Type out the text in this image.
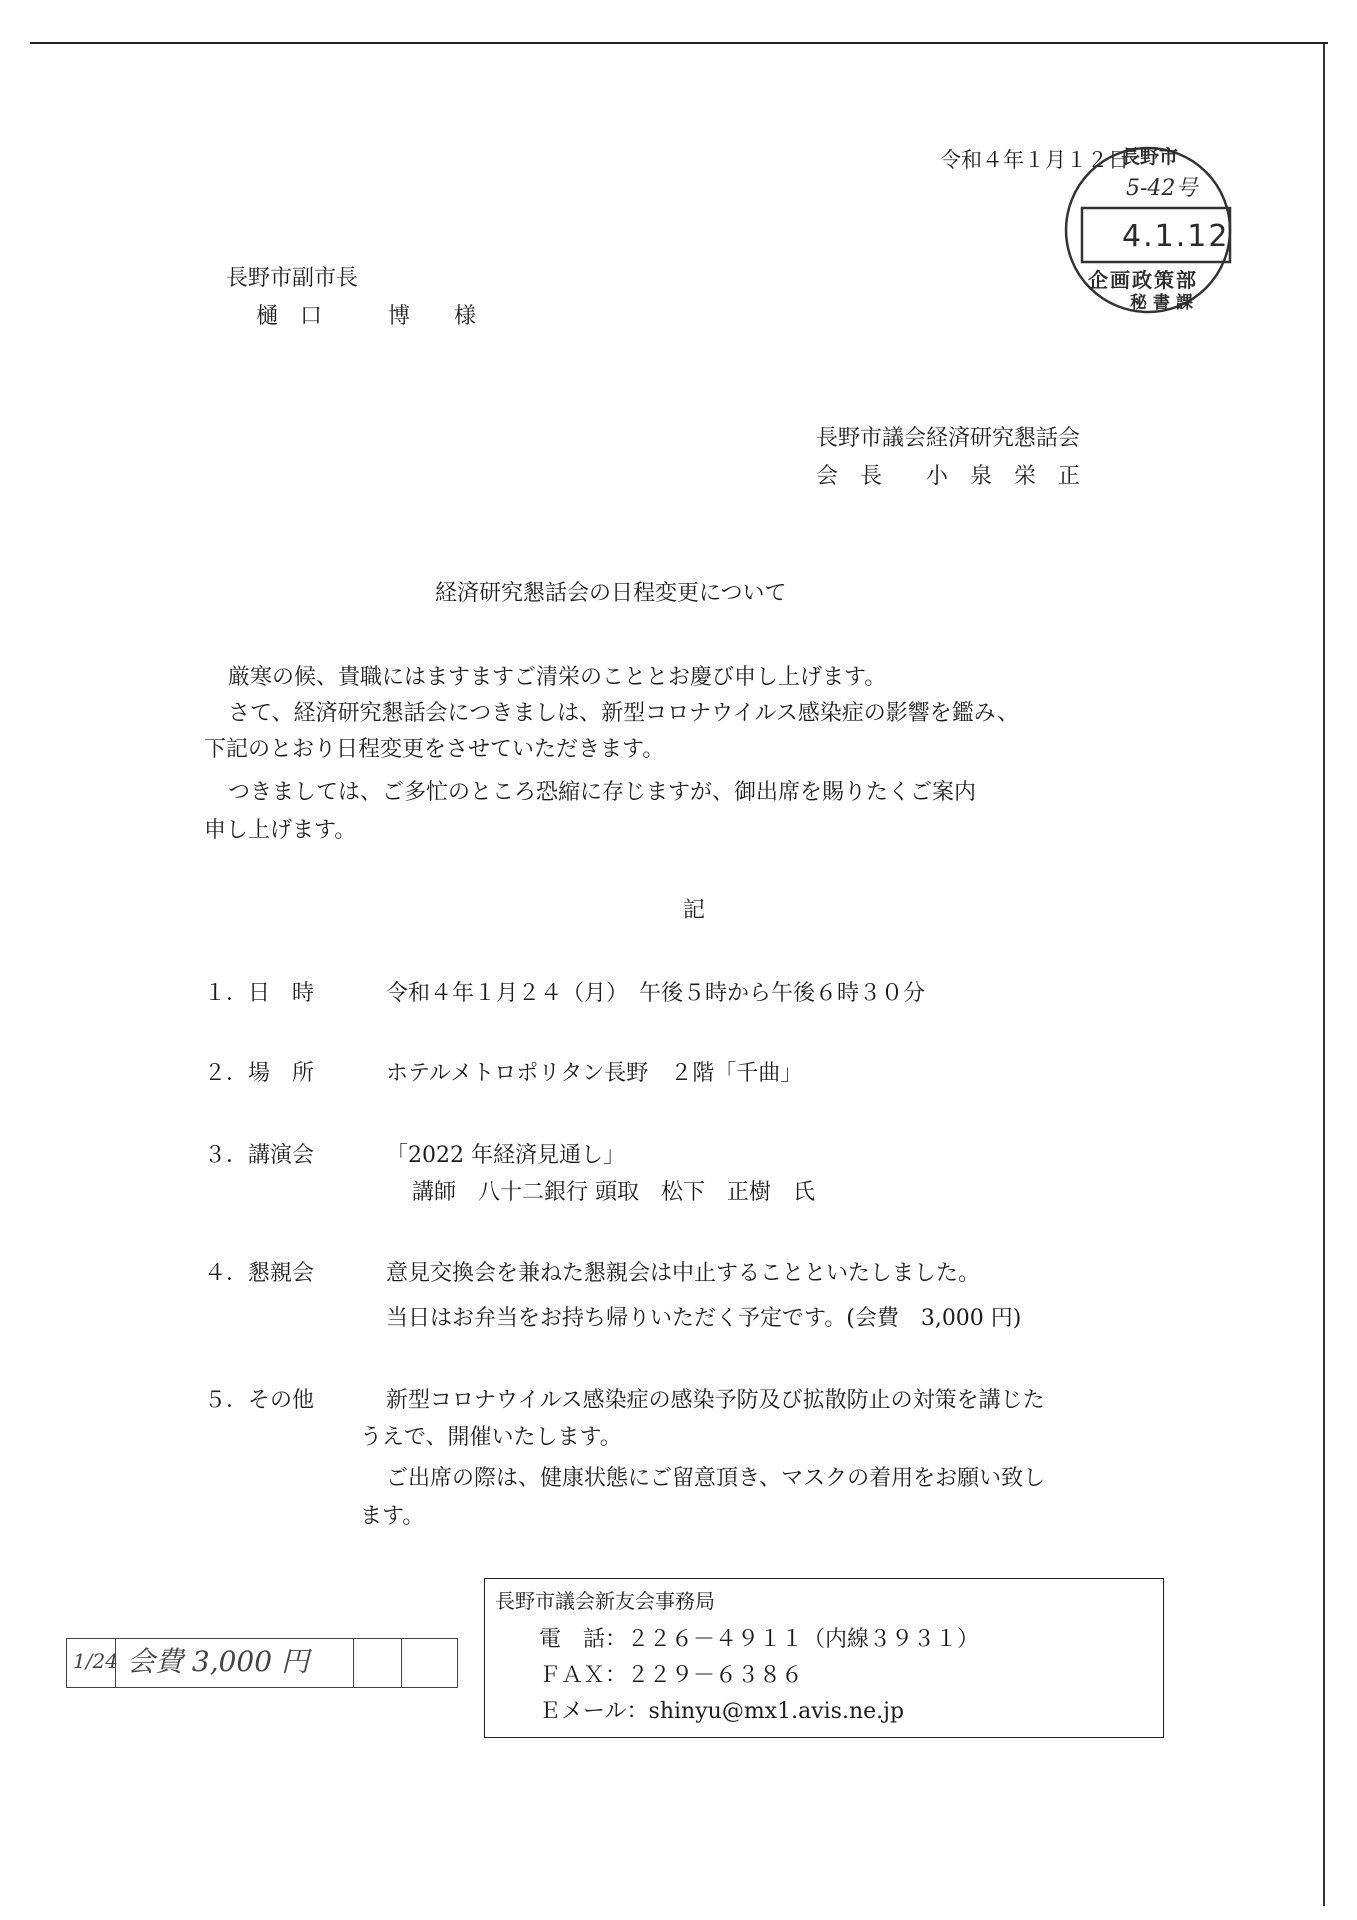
令和４年１月１２日
長野市
5-42号
4.1.12
企画政策部
秘書課
長野市副市長
樋　口　　　博　　様
長野市議会経済研究懇話会
会　長　　小　泉　栄　正
経済研究懇話会の日程変更について
厳寒の候、貴職にはますますご清栄のこととお慶び申し上げます。
さて、経済研究懇話会につきましは、新型コロナウイルス感染症の影響を鑑み、
下記のとおり日程変更をさせていただきます。
つきましては、ご多忙のところ恐縮に存じますが、御出席を賜りたくご案内
申し上げます。
記
１．日　時	令和４年１月２４（月）　午後５時から午後６時３０分
２．場　所	ホテルメトロポリタン長野　２階「千曲」
３．講演会	「2022 年経済見通し」
講師　八十二銀行 頭取　松下　正樹　氏
４．懇親会	意見交換会を兼ねた懇親会は中止することといたしました。
当日はお弁当をお持ち帰りいただく予定です。(会費　3,000 円)
５．その他	新型コロナウイルス感染症の感染予防及び拡散防止の対策を講じた
うえで、開催いたします。
ご出席の際は、健康状態にご留意頂き、マスクの着用をお願い致し
ます。
長野市議会新友会事務局
電　話：２２６－４９１１（内線３９３１）
ＦＡＸ：２２９－６３８６
Ｅメール：shinyu@mx1.avis.ne.jp
1/24 会費 3,000 円
